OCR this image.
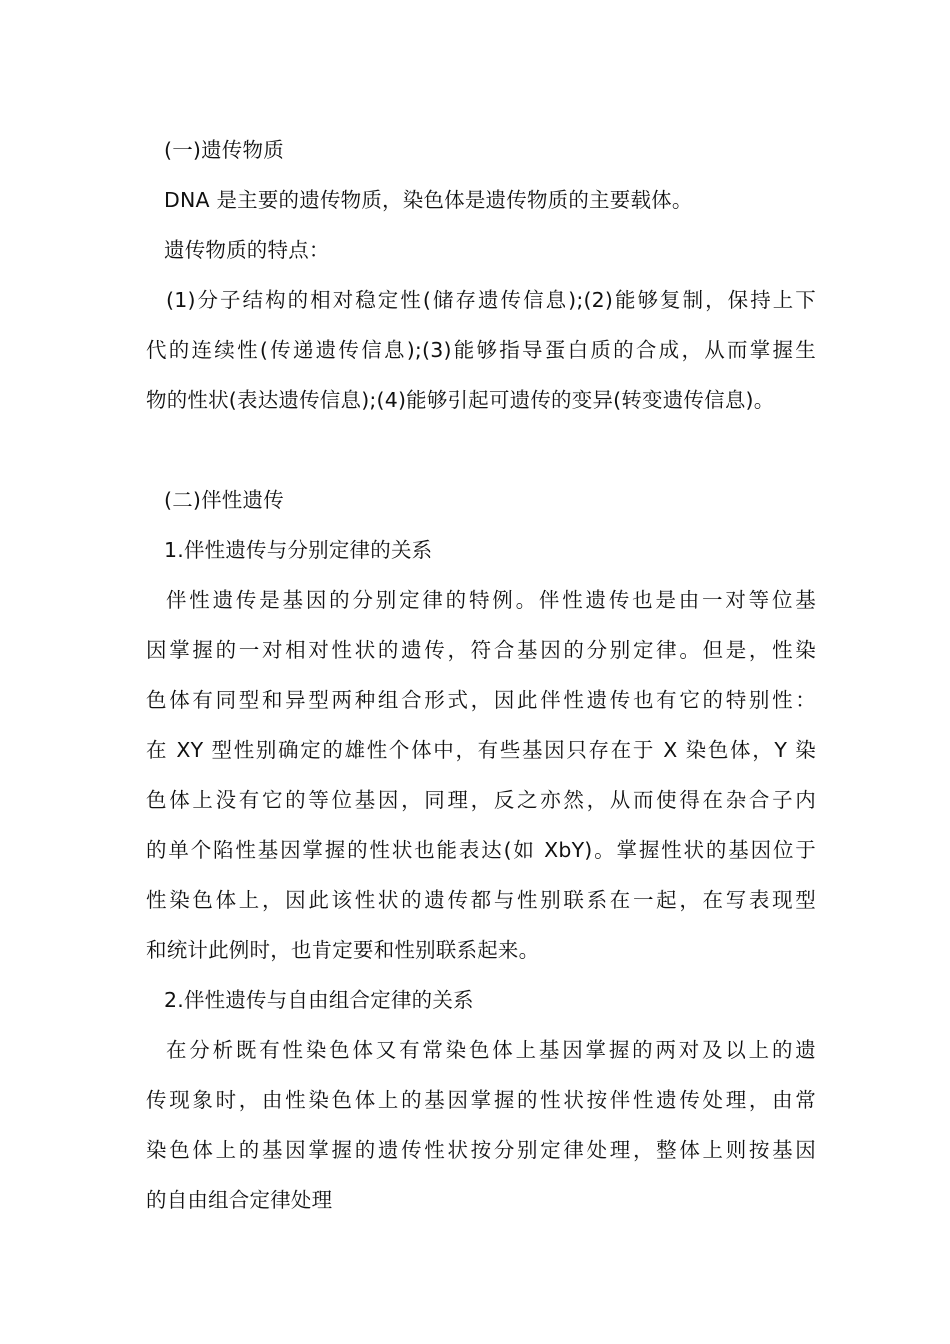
(一)遗传物质
DNA 是主要的遗传物质，染色体是遗传物质的主要载体。
遗传物质的特点：
(1)分子结构的相对稳定性(储存遗传信息);(2)能够复制，保持上下
代的连续性(传递遗传信息);(3)能够指导蛋白质的合成，从而掌握生
物的性状(表达遗传信息);(4)能够引起可遗传的变异(转变遗传信息)。
(二)伴性遗传
1.伴性遗传与分别定律的关系
伴性遗传是基因的分别定律的特例。伴性遗传也是由一对等位基
因掌握的一对相对性状的遗传，符合基因的分别定律。但是，性染
色体有同型和异型两种组合形式，因此伴性遗传也有它的特别性：
在 XY 型性别确定的雄性个体中，有些基因只存在于 X 染色体，Y 染
色体上没有它的等位基因，同理，反之亦然，从而使得在杂合子内
的单个陷性基因掌握的性状也能表达(如 XbY)。掌握性状的基因位于
性染色体上，因此该性状的遗传都与性别联系在一起，在写表现型
和统计此例时，也肯定要和性别联系起来。
2.伴性遗传与自由组合定律的关系
在分析既有性染色体又有常染色体上基因掌握的两对及以上的遗
传现象时，由性染色体上的基因掌握的性状按伴性遗传处理，由常
染色体上的基因掌握的遗传性状按分别定律处理，整体上则按基因
的自由组合定律处理
